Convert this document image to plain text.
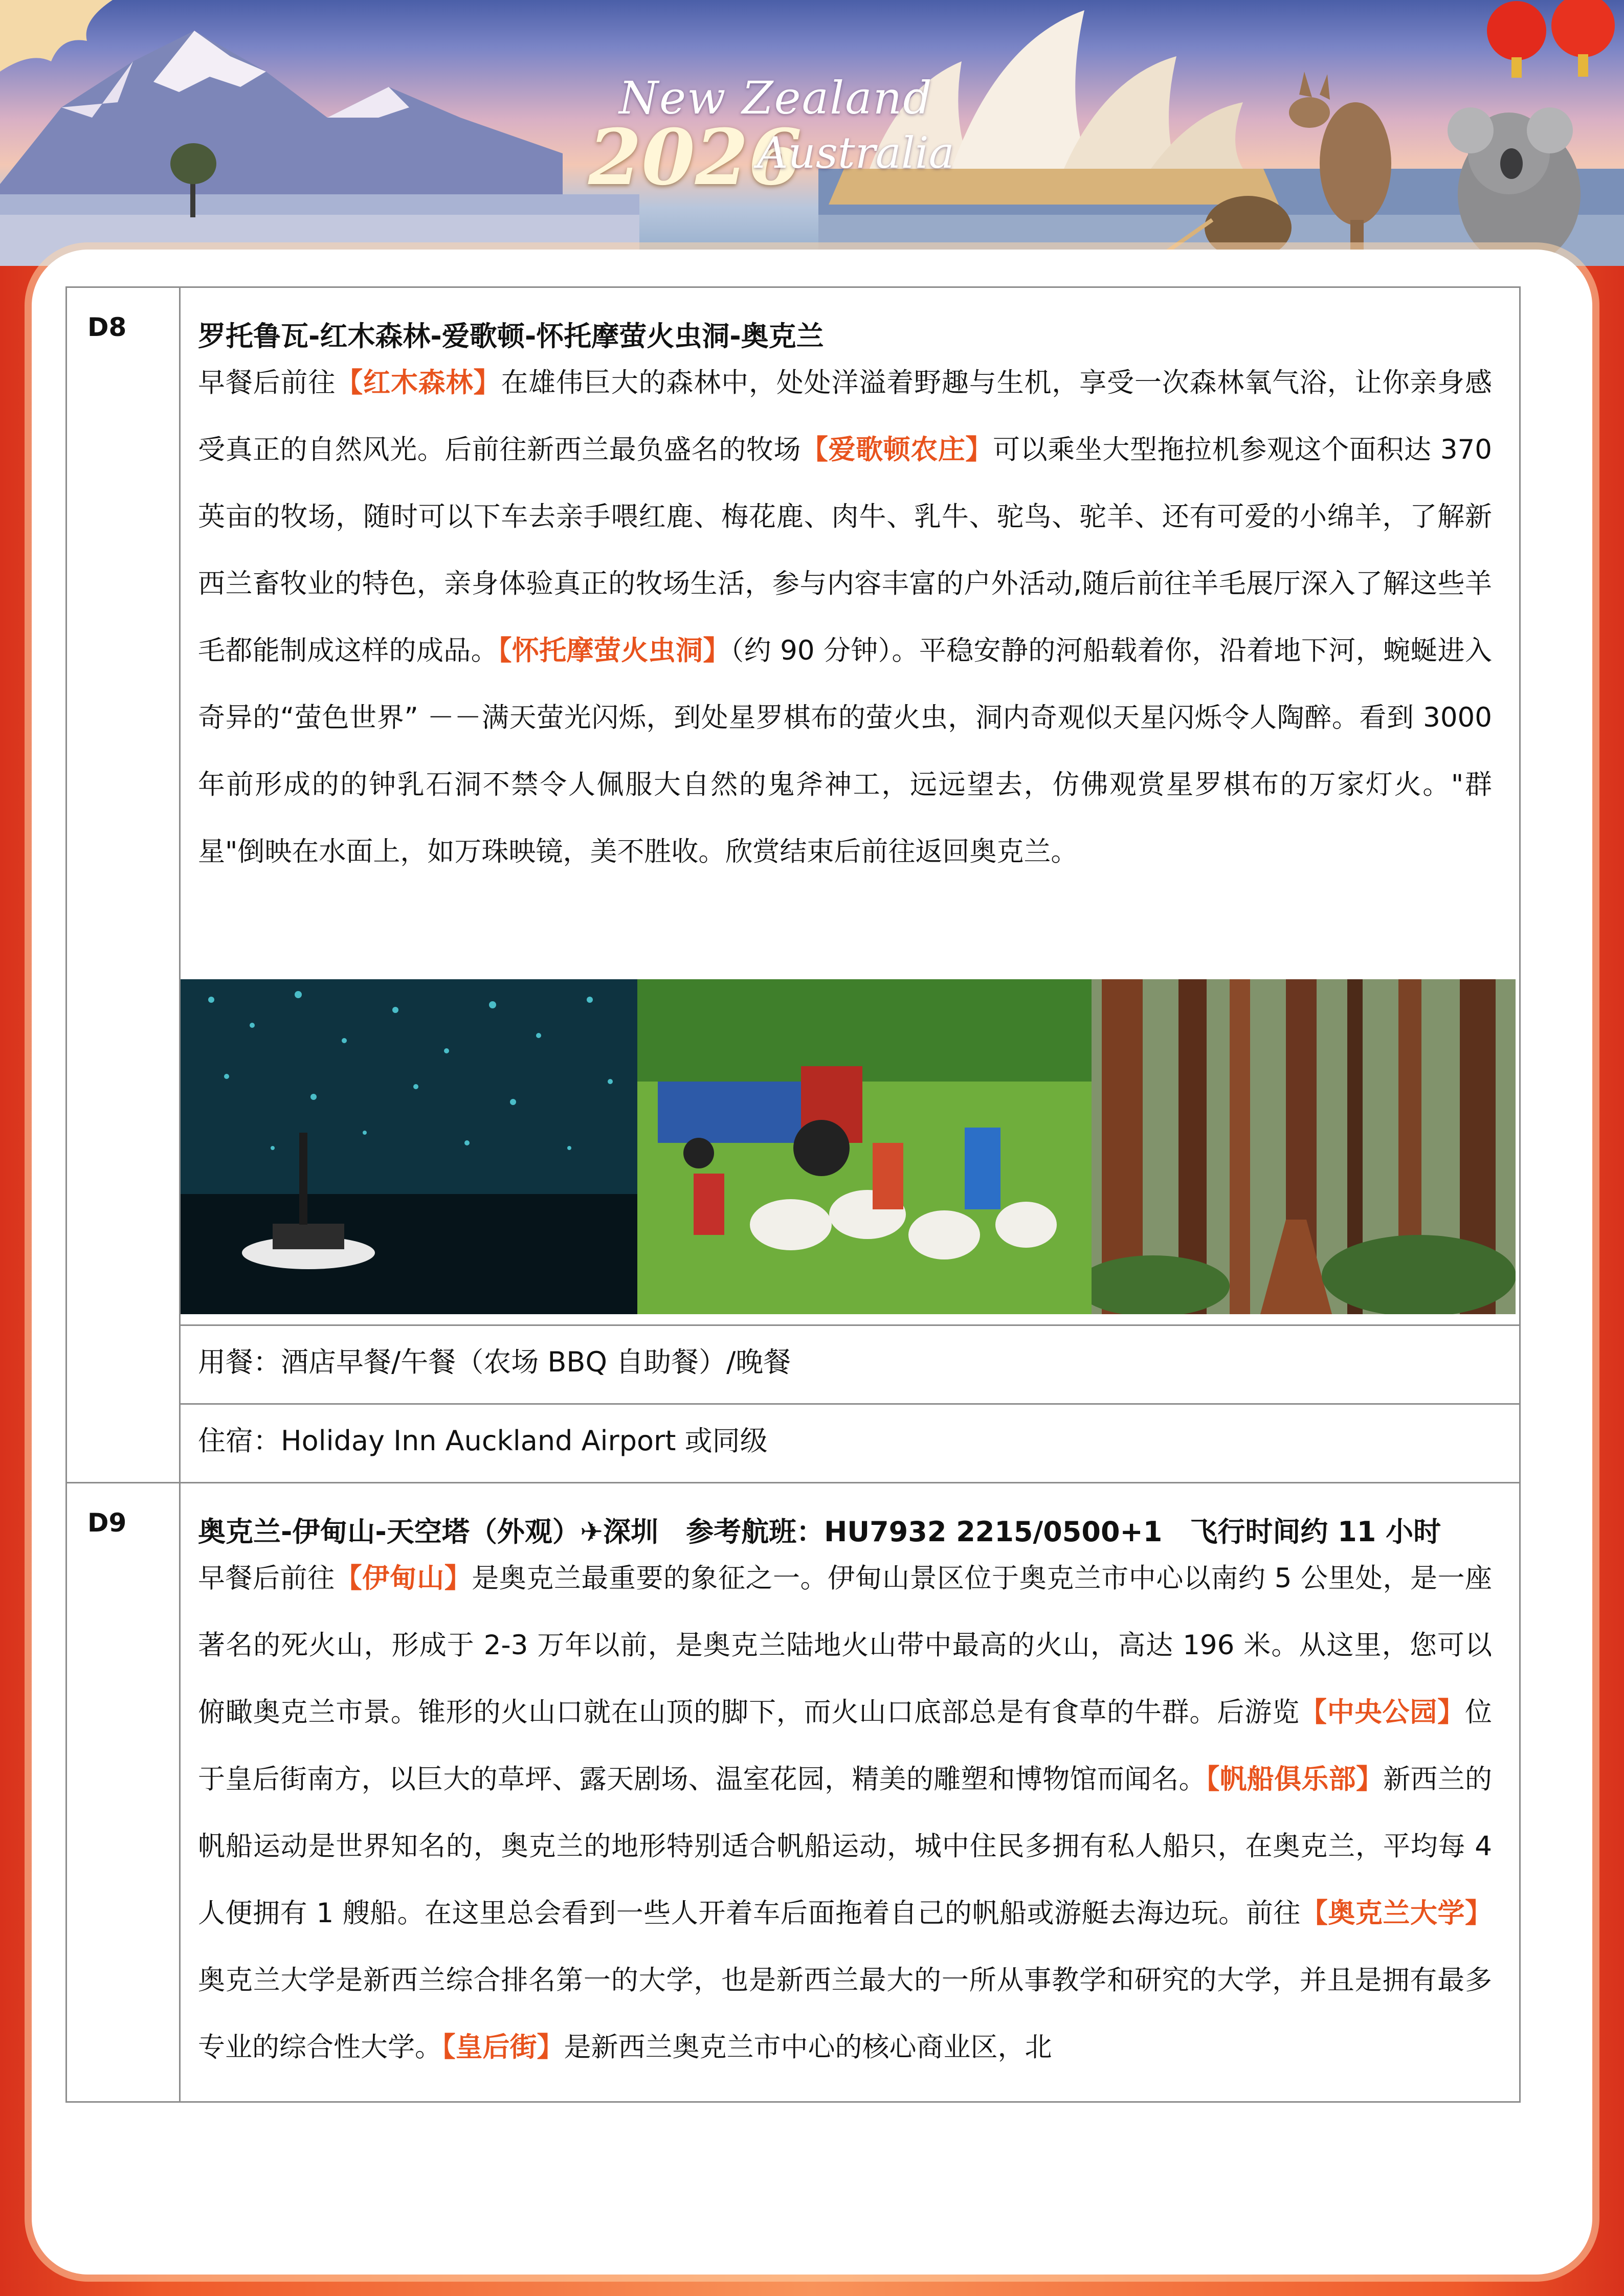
New Zealand
2026
Australia
D8	罗托鲁瓦-红木森林-爱歌顿-怀托摩萤火虫洞-奥克兰
早餐后前往【红木森林】在雄伟巨大的森林中，处处洋溢着野趣与生机，享受一次森林氧气浴，让你亲身感受真正的自然风光。后前往新西兰最负盛名的牧场【爱歌顿农庄】可以乘坐大型拖拉机参观这个面积达 370 英亩的牧场，随时可以下车去亲手喂红鹿、梅花鹿、肉牛、乳牛、驼鸟、驼羊、还有可爱的小绵羊，了解新西兰畜牧业的特色，亲身体验真正的牧场生活，参与内容丰富的户外活动,随后前往羊毛展厅深入了解这些羊毛都能制成这样的成品。【怀托摩萤火虫洞】（约 90 分钟）。平稳安静的河船载着你，沿着地下河，蜿蜒进入奇异的“萤色世界” －－满天萤光闪烁，到处星罗棋布的萤火虫，洞内奇观似天星闪烁令人陶醉。看到 3000 年前形成的的钟乳石洞不禁令人佩服大自然的鬼斧神工，远远望去，仿佛观赏星罗棋布的万家灯火。"群星"倒映在水面上，如万珠映镜，美不胜收。欣赏结束后前往返回奥克兰。
用餐：酒店早餐/午餐（农场 BBQ 自助餐）/晚餐
住宿：Holiday Inn Auckland Airport 或同级
D9	奥克兰-伊甸山-天空塔（外观）✈深圳　参考航班：HU7932 2215/0500+1　飞行时间约 11 小时
早餐后前往【伊甸山】是奥克兰最重要的象征之一。伊甸山景区位于奥克兰市中心以南约 5 公里处，是一座著名的死火山，形成于 2-3 万年以前，是奥克兰陆地火山带中最高的火山，高达 196 米。从这里，您可以俯瞰奥克兰市景。锥形的火山口就在山顶的脚下，而火山口底部总是有食草的牛群。后游览【中央公园】位于皇后街南方，以巨大的草坪、露天剧场、温室花园，精美的雕塑和博物馆而闻名。【帆船俱乐部】新西兰的帆船运动是世界知名的，奥克兰的地形特别适合帆船运动，城中住民多拥有私人船只，在奥克兰，平均每 4 人便拥有 1 艘船。在这里总会看到一些人开着车后面拖着自己的帆船或游艇去海边玩。前往【奥克兰大学】奥克兰大学是新西兰综合排名第一的大学，也是新西兰最大的一所从事教学和研究的大学，并且是拥有最多专业的综合性大学。【皇后街】是新西兰奥克兰市中心的核心商业区，北
